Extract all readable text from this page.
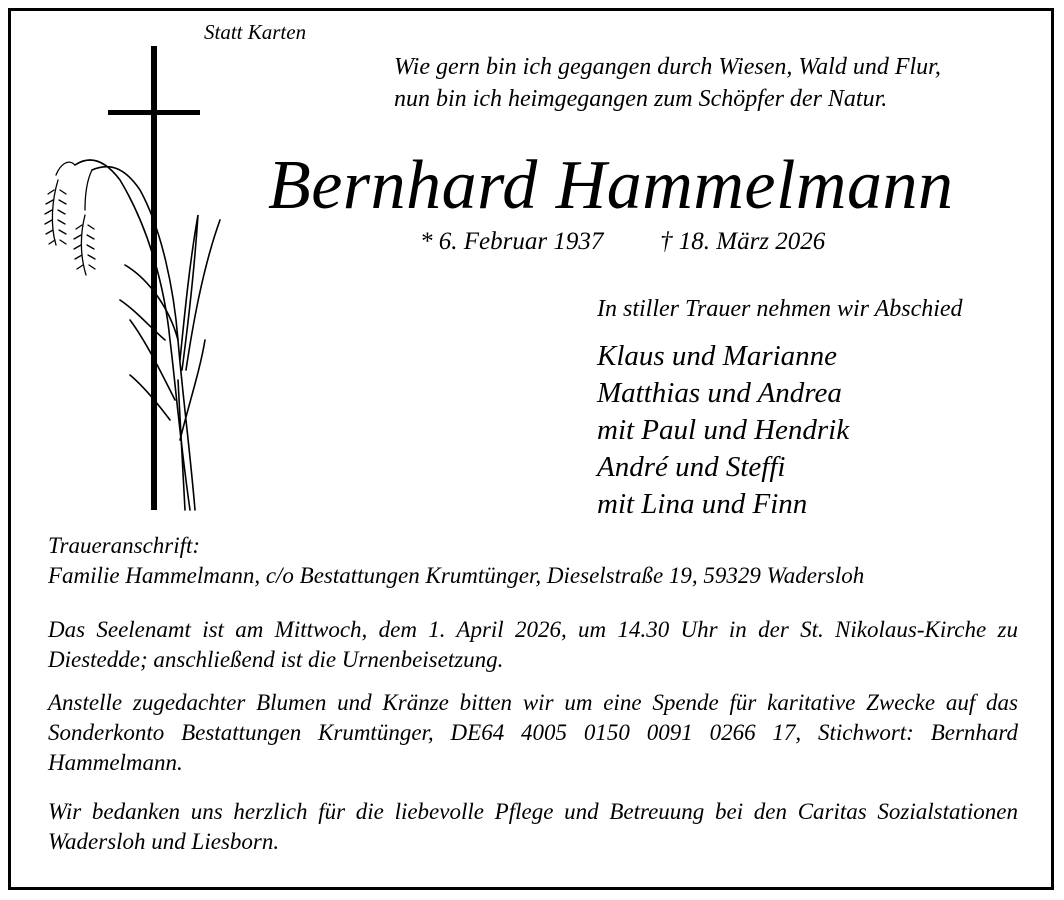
Statt Karten
Wie gern bin ich gegangen durch Wiesen, Wald und Flur,
nun bin ich heimgegangen zum Schöpfer der Natur.
Bernhard Hammelmann
* 6. Februar 1937 † 18. März 2026
In stiller Trauer nehmen wir Abschied
Klaus und Marianne
Matthias und Andrea
mit Paul und Hendrik
André und Steffi
mit Lina und Finn
Traueranschrift:
Familie Hammelmann, c/o Bestattungen Krumtünger, Dieselstraße 19, 59329 Wadersloh
Das Seelenamt ist am Mittwoch, dem 1. April 2026, um 14.30 Uhr in der St. Nikolaus-Kirche zu Diestedde; anschließend ist die Urnenbeisetzung.
Anstelle zugedachter Blumen und Kränze bitten wir um eine Spende für karitative Zwecke auf das Sonderkonto Bestattungen Krumtünger, DE64 4005 0150 0091 0266 17, Stichwort: Bernhard Hammelmann.
Wir bedanken uns herzlich für die liebevolle Pflege und Betreuung bei den Caritas Sozialstationen Wadersloh und Liesborn.
